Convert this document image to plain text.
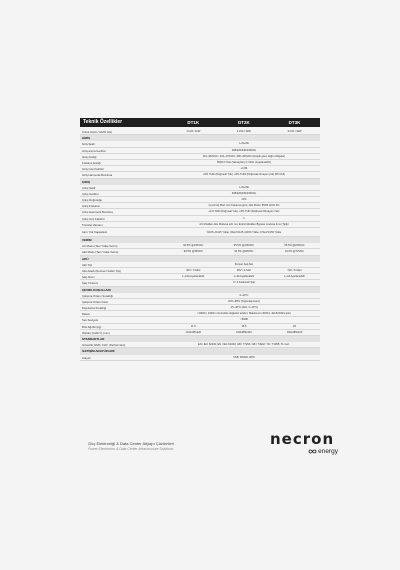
Teknik Özellikler	DT1K	DT2K	DT3K
Anma Gücü / VA/W Güç	1 kVA / 1kW	2 kVA / 2kW	3 kVA / 3kW
GİRİŞ
Giriş Şekli	L+N+PE
Giriş anma Gerilimi	208/220/230/240VAC
Giriş Aralığı	110~300VAC / 110~176VAC; 280~300VAC (Düşük güce doğru bölgeler)
Frekans Aralığı	50/60 ± 5Hz (Varsayılan) ± 10Hz (Ayarlanabilir)
Giriş Güç Faktörü	≥0.99
Giriş Harmonik Bozulma	≤5% THDi (Doğrusal Yük), ≤5% THDi (Doğrusal olmayan yük) (PF=0.8)
ÇIKIŞ
Çıkış Şekli	L+N+PE
Çıkış Gerilimi	208/220/230/240VAC
Çıkış Doğruluğu	±1%
Çıkış Frekansı	Çevrimiçi Mod: AC Frekansa göre; Akü Modu: 50/60 Hz±0.1%
Çıkış Harmonik Bozulma	≤1% THD (Doğrusal Yük), ≤3% THD (Doğrusal Olmayan Yük)
Çıkış Güç Faktörü	1
Transfer Zamanı	AC Modden Akü Moduna sıfır ms; Evirici Modden Bypass moduna 4ms (Tipik)
Aşırı Yük Kapasitesi	%105~%125 Yükte; 30sn/%125~%150 Yükte; 0.5sn/%150 Yükte
VERİM
AC Modu (Tam Yükte Verim)	94.5% @230VAC	95.5% @230VAC	95.5% @230VAC
Akü Modu (Tam Yükte Verim)	90.5% @36VDC	91.5% @48VDC	91.5% @72VDC
AKÜ
Akü Tipi	Kurşun Asit Akü
Akü Adedi (Normal / Kabin Tipi)	36V / 3 Adet	48V / 4 Adet	72V / 6 Adet
Şarj Akımı	1~10A Ayarlanabilir	1~4A Ayarlanabilir	1~4A Ayarlanabilir
Şarj Yöntemi	3 / 3 Kademeli Şarj
ÇEVRE KOŞULLARI
Çalışma Ortamı Sıcaklığı	0~40°C
Çalışma Ortamı Nem	20%~95% (Yoğunlaşmasız)
Depolama Sıcaklığı	-15~40°C (Akü: 0~40°C)
Rakım	<1000m; 1000m üzerindeki değerleri azaltın; Maksimum 4000m, IEC62040'a göre
Ses Seviyesi	<50dB
Brüt Ağırlık (kg)	11.5	16.5	25
Ölçüler (GxDxY) (mm)	144x345x220	190x389x320	190x389x320
STANDARTLAR
Güvenlik; EMC; LVD; (Performans)	EN / IEC 62040; EN / IEC 62040; GB / T7260; GB / T4942; YD / T1095; TL Cert.
İLETİŞİM ARAYÜZLERİ
Arayüz	USB, RS232, EPO
Güç Elektroniği & Data Center Altyapı Çözümleri
Power Electronics & Data Center Infrastructure Solutions
necron
energy
